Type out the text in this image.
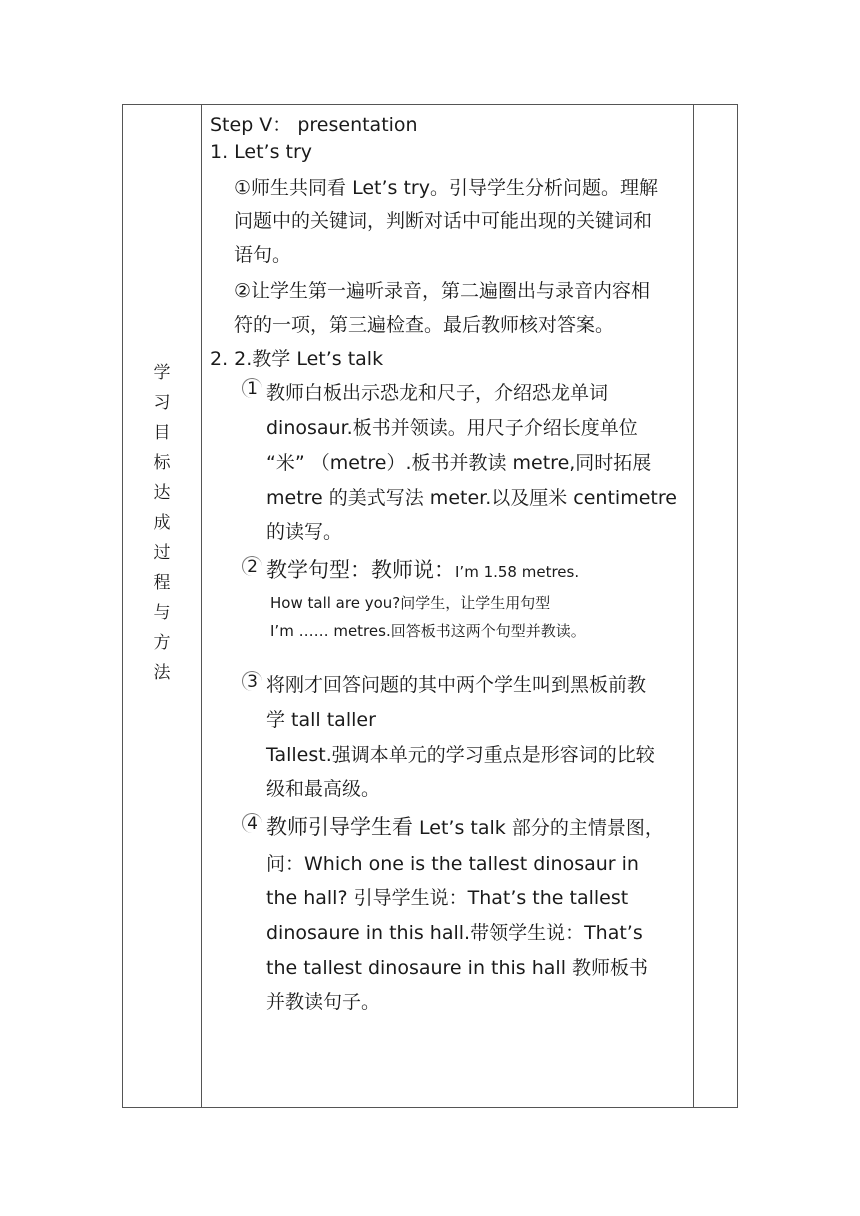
学
习
目
标
达
成
过
程
与
方
法
Step V： presentation
1. Let’s try
①师生共同看 Let’s try。引导学生分析问题。理解
问题中的关键词，判断对话中可能出现的关键词和
语句。
②让学生第一遍听录音，第二遍圈出与录音内容相
符的一项，第三遍检查。最后教师核对答案。
2. 2.教学 Let’s talk
1 教师白板出示恐龙和尺子，介绍恐龙单词
dinosaur.板书并领读。用尺子介绍长度单位
“米” （metre）.板书并教读 metre,同时拓展
metre 的美式写法 meter.以及厘米 centimetre
的读写。
2 教学句型：教师说：I’m 1.58 metres.
How tall are you?问学生，让学生用句型
I’m …… metres.回答板书这两个句型并教读。
3 将刚才回答问题的其中两个学生叫到黑板前教
学 tall taller
Tallest.强调本单元的学习重点是形容词的比较
级和最高级。
4 教师引导学生看 Let’s talk 部分的主情景图，
问：Which one is the tallest dinosaur in
the hall? 引导学生说：That’s the tallest
dinosaure in this hall.带领学生说：That’s
the tallest dinosaure in this hall 教师板书
并教读句子。
